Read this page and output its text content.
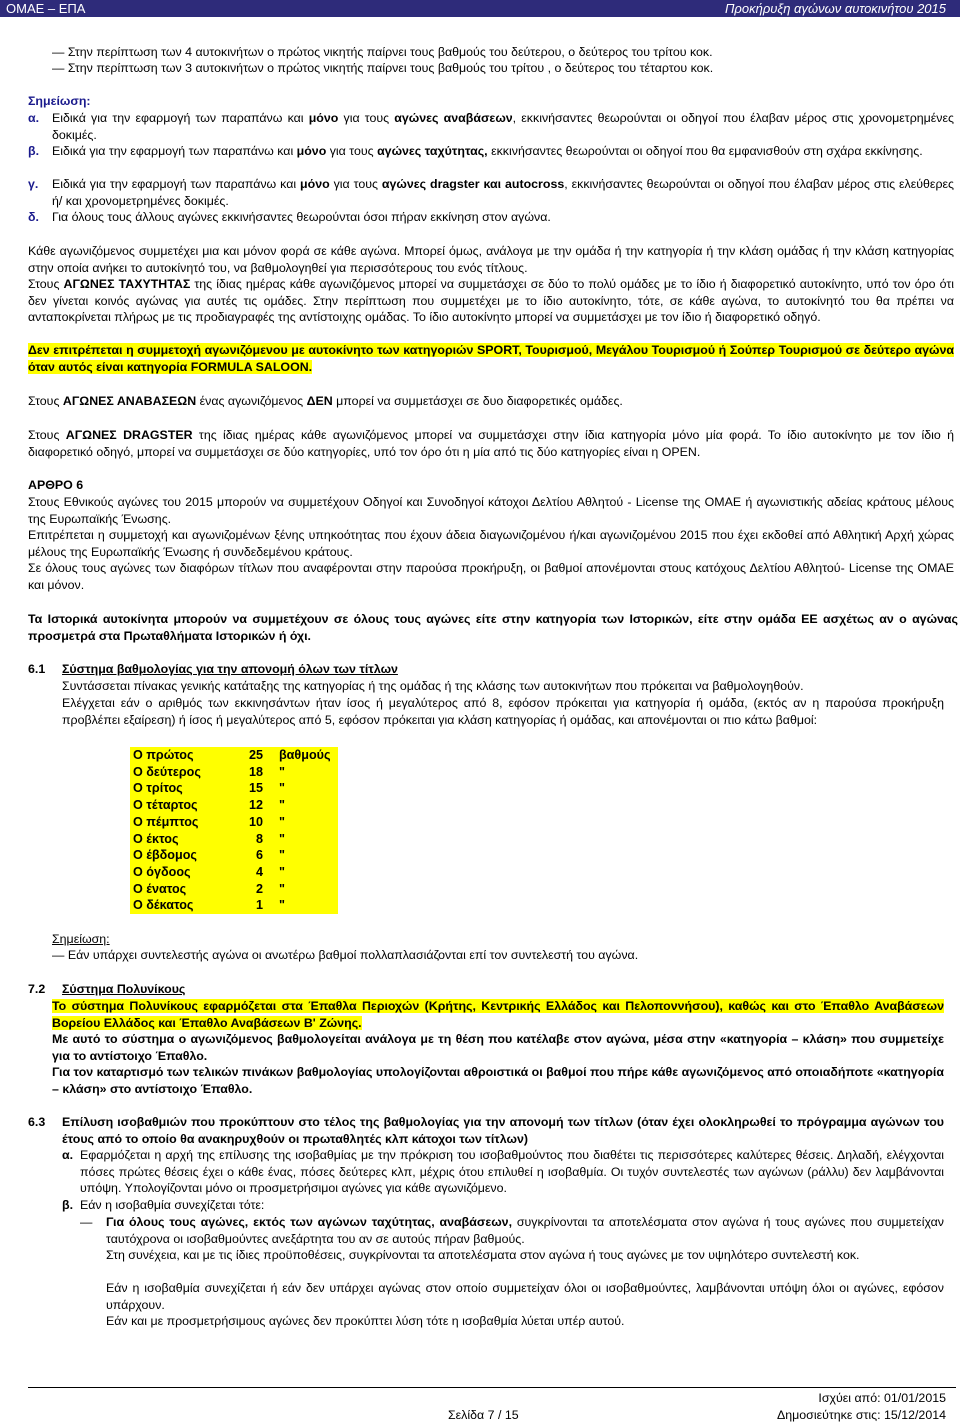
ΟΜΑΕ – ΕΠΑ	Προκήρυξη αγώνων αυτοκινήτου 2015
— Στην περίπτωση των 4 αυτοκινήτων ο πρώτος νικητής παίρνει τους βαθμούς του δεύτερου, ο δεύτερος του τρίτου κοκ.
— Στην περίπτωση των 3 αυτοκινήτων ο πρώτος νικητής παίρνει τους βαθμούς του τρίτου , ο δεύτερος του τέταρτου κοκ.
Σημείωση:
α. Ειδικά για την εφαρμογή των παραπάνω και μόνο για τους αγώνες αναβάσεων, εκκινήσαντες θεωρούνται οι οδηγοί που έλαβαν μέρος στις χρονομετρημένες δοκιμές.
β. Ειδικά για την εφαρμογή των παραπάνω και μόνο για τους αγώνες ταχύτητας, εκκινήσαντες θεωρούνται οι οδηγοί που θα εμφανισθούν στη σχάρα εκκίνησης.
γ. Ειδικά για την εφαρμογή των παραπάνω και μόνο για τους αγώνες dragster και autocross, εκκινήσαντες θεωρούνται οι οδηγοί που έλαβαν μέρος στις ελεύθερες ή/ και χρονομετρημένες δοκιμές.
δ. Για όλους τους άλλους αγώνες εκκινήσαντες θεωρούνται όσοι πήραν εκκίνηση στον αγώνα.
Κάθε αγωνιζόμενος συμμετέχει μια και μόνον φορά σε κάθε αγώνα. Μπορεί όμως, ανάλογα με την ομάδα ή την κατηγορία ή την κλάση ομάδας ή την κλάση κατηγορίας στην οποία ανήκει το αυτοκίνητό του, να βαθμολογηθεί για περισσότερους του ενός τίτλους.
Στους ΑΓΩΝΕΣ ΤΑΧΥΤΗΤΑΣ της ίδιας ημέρας κάθε αγωνιζόμενος μπορεί να συμμετάσχει σε δύο το πολύ ομάδες με το ίδιο ή διαφορετικό αυτοκίνητο, υπό τον όρο ότι δεν γίνεται κοινός αγώνας για αυτές τις ομάδες. Στην περίπτωση που συμμετέχει με το ίδιο αυτοκίνητο, τότε, σε κάθε αγώνα, το αυτοκίνητό του θα πρέπει να ανταποκρίνεται πλήρως με τις προδιαγραφές της αντίστοιχης ομάδας. Το ίδιο αυτοκίνητο μπορεί να συμμετάσχει με τον ίδιο ή διαφορετικό οδηγό.
Δεν επιτρέπεται η συμμετοχή αγωνιζόμενου με αυτοκίνητο των κατηγοριών SPORT, Τουρισμού, Μεγάλου Τουρισμού ή Σούπερ Τουρισμού σε δεύτερο αγώνα όταν αυτός είναι κατηγορία FORMULA SALOON.
Στους ΑΓΩΝΕΣ ΑΝΑΒΑΣΕΩΝ ένας αγωνιζόμενος ΔΕΝ μπορεί να συμμετάσχει σε δυο διαφορετικές ομάδες.
Στους ΑΓΩΝΕΣ DRAGSTER της ίδιας ημέρας κάθε αγωνιζόμενος μπορεί να συμμετάσχει στην ίδια κατηγορία μόνο μία φορά. Το ίδιο αυτοκίνητο με τον ίδιο ή διαφορετικό οδηγό, μπορεί να συμμετάσχει σε δύο κατηγορίες, υπό τον όρο ότι η μία από τις δύο κατηγορίες είναι η OPEN.
ΑΡΘΡΟ 6
Στους Εθνικούς αγώνες του 2015 μπορούν να συμμετέχουν Οδηγοί και Συνοδηγοί κάτοχοι Δελτίου Αθλητού - License της ΟΜΑΕ ή αγωνιστικής αδείας κράτους μέλους της Ευρωπαϊκής Ένωσης.
Επιτρέπεται η συμμετοχή και αγωνιζομένων ξένης υπηκοότητας που έχουν άδεια διαγωνιζομένου ή/και αγωνιζομένου 2015 που έχει εκδοθεί από Αθλητική Αρχή χώρας μέλους της Ευρωπαϊκής Ένωσης ή συνδεδεμένου κράτους.
Σε όλους τους αγώνες των διαφόρων τίτλων που αναφέρονται στην παρούσα προκήρυξη, οι βαθμοί απονέμονται στους κατόχους Δελτίου Αθλητού- License της ΟΜΑΕ και μόνον.
Τα Ιστορικά αυτοκίνητα μπορούν να συμμετέχουν σε όλους τους αγώνες είτε στην κατηγορία των Ιστορικών, είτε στην ομάδα ΕΕ ασχέτως αν ο αγώνας προσμετρά στα Πρωταθλήματα Ιστορικών ή όχι.
6.1 Σύστημα βαθμολογίας για την απονομή όλων των τίτλων
Συντάσσεται πίνακας γενικής κατάταξης της κατηγορίας ή της ομάδας ή της κλάσης των αυτοκινήτων που πρόκειται να βαθμολογηθούν.
Ελέγχεται εάν ο αριθμός των εκκινησάντων ήταν ίσος ή μεγαλύτερος από 8, εφόσον πρόκειται για κατηγορία ή ομάδα, (εκτός αν η παρούσα προκήρυξη προβλέπει εξαίρεση) ή ίσος ή μεγαλύτερος από 5, εφόσον πρόκειται για κλάση κατηγορίας ή ομάδας, και απονέμονται οι πιο κάτω βαθμοί:
Ο πρώτος	25	βαθμούς
Ο δεύτερος	18	"
Ο τρίτος	15	"
Ο τέταρτος	12	"
Ο πέμπτος	10	"
Ο έκτος	8	"
Ο έβδομος	6	"
Ο όγδοος	4	"
Ο ένατος	2	"
Ο δέκατος	1	"
Σημείωση:
— Εάν υπάρχει συντελεστής αγώνα οι ανωτέρω βαθμοί πολλαπλασιάζονται επί τον συντελεστή του αγώνα.
7.2 Σύστημα Πολυνίκους
Το σύστημα Πολυνίκους εφαρμόζεται στα Έπαθλα Περιοχών (Κρήτης, Κεντρικής Ελλάδος και Πελοποννήσου), καθώς και στο Έπαθλο Αναβάσεων Βορείου Ελλάδος και Έπαθλο Αναβάσεων Β' Ζώνης.
Με αυτό το σύστημα ο αγωνιζόμενος βαθμολογείται ανάλογα με τη θέση που κατέλαβε στον αγώνα, μέσα στην «κατηγορία – κλάση» που συμμετείχε για το αντίστοιχο Έπαθλο.
Για τον καταρτισμό των τελικών πινάκων βαθμολογίας υπολογίζονται αθροιστικά οι βαθμοί που πήρε κάθε αγωνιζόμενος από οποιαδήποτε «κατηγορία – κλάση» στο αντίστοιχο Έπαθλο.
6.3 Επίλυση ισοβαθμιών που προκύπτουν στο τέλος της βαθμολογίας για την απονομή των τίτλων (όταν έχει ολοκληρωθεί το πρόγραμμα αγώνων του έτους από το οποίο θα ανακηρυχθούν οι πρωταθλητές κλπ κάτοχοι των τίτλων)
α. Εφαρμόζεται η αρχή της επίλυσης της ισοβαθμίας με την πρόκριση του ισοβαθμούντος που διαθέτει τις περισσότερες καλύτερες θέσεις. Δηλαδή, ελέγχονται πόσες πρώτες θέσεις έχει ο κάθε ένας, πόσες δεύτερες κλπ, μέχρις ότου επιλυθεί η ισοβαθμία. Οι τυχόν συντελεστές των αγώνων (ράλλυ) δεν λαμβάνονται υπόψη. Υπολογίζονται μόνο οι προσμετρήσιμοι αγώνες για κάθε αγωνιζόμενο.
β. Εάν η ισοβαθμία συνεχίζεται τότε:
— Για όλους τους αγώνες, εκτός των αγώνων ταχύτητας, αναβάσεων, συγκρίνονται τα αποτελέσματα στον αγώνα ή τους αγώνες που συμμετείχαν ταυτόχρονα οι ισοβαθμούντες ανεξάρτητα του αν σε αυτούς πήραν βαθμούς.
Στη συνέχεια, και με τις ίδιες προϋποθέσεις, συγκρίνονται τα αποτελέσματα στον αγώνα ή τους αγώνες με τον υψηλότερο συντελεστή κοκ.
Εάν η ισοβαθμία συνεχίζεται ή εάν δεν υπάρχει αγώνας στον οποίο συμμετείχαν όλοι οι ισοβαθμούντες, λαμβάνονται υπόψη όλοι οι αγώνες, εφόσον υπάρχουν.
Εάν και με προσμετρήσιμους αγώνες δεν προκύπτει λύση τότε η ισοβαθμία λύεται υπέρ αυτού.
Σελίδα 7 / 15
Ισχύει από: 01/01/2015
Δημοσιεύτηκε στις: 15/12/2014
